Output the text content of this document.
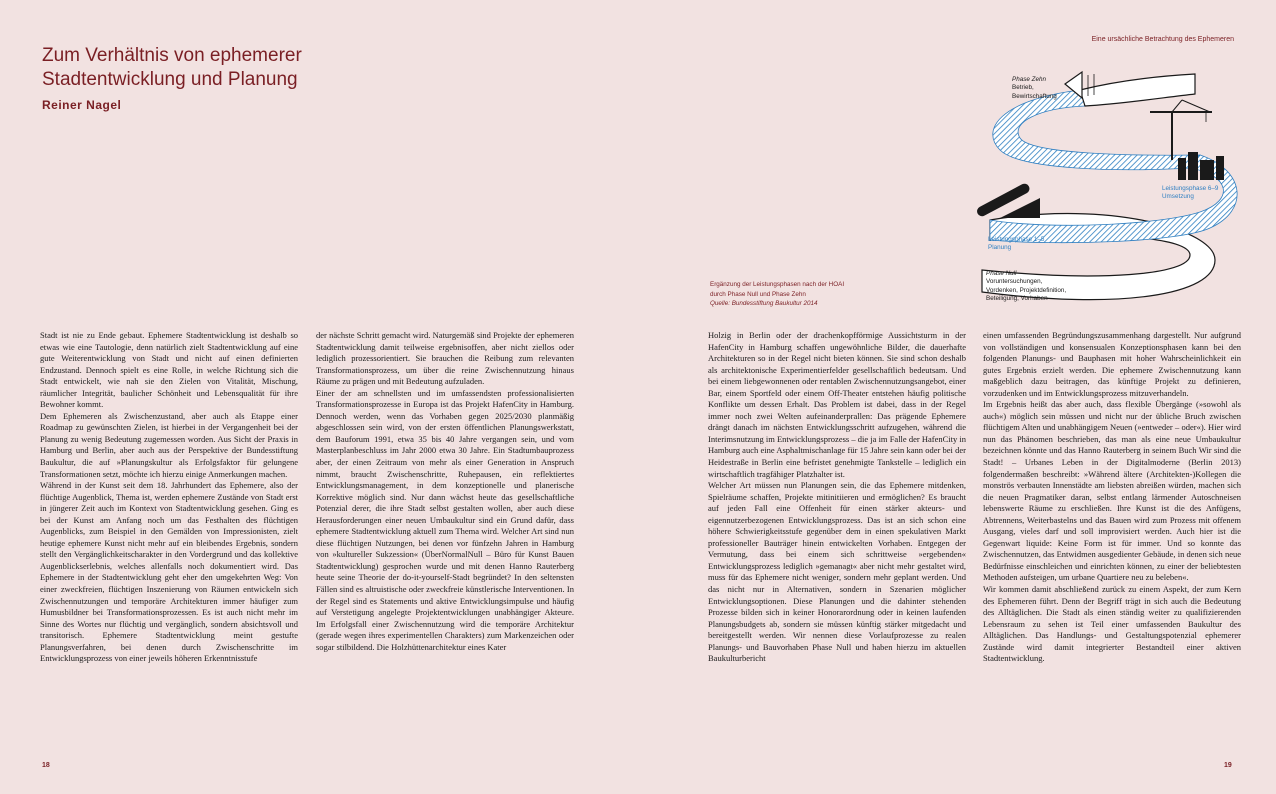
Zum Verhältnis von ephemerer
Stadtentwicklung und Planung
Reiner Nagel
Eine ursächliche Betrachtung des Ephemeren
Phase Zehn
Betrieb,
Bewirtschaftung
Leistungsphase 6–9
Umsetzung
Leistungsphase 1–5
Planung
Phase Null
Voruntersuchungen,
Vordenken, Projektdefinition,
Beteiligung, Vorhaben
Ergänzung der Leistungsphasen nach der HOAI
durch Phase Null und Phase Zehn
Quelle: Bundesstiftung Baukultur 2014

Stadt ist nie zu Ende gebaut. Ephemere Stadtentwicklung ist deshalb so etwas wie eine Tautologie, denn natürlich zielt Stadtentwicklung auf eine gute Weiterentwicklung von Stadt und nicht auf einen definierten Endzustand. Dennoch spielt es eine Rolle, in welche Richtung sich die Stadt entwickelt, wie nah sie den Zielen von Vitalität, Mischung, räumlicher Integrität, baulicher Schönheit und Lebensqualität für ihre Bewohner kommt.

Dem Ephemeren als Zwischenzustand, aber auch als Etappe einer Roadmap zu gewünschten Zielen, ist hierbei in der Vergangenheit bei der Planung zu wenig Bedeutung zugemessen worden. Aus Sicht der Praxis in Hamburg und Berlin, aber auch aus der Perspektive der Bundesstiftung Baukultur, die auf »Planungskultur als Erfolgsfaktor für gelungene Transformationen setzt, möchte ich hierzu einige Anmerkungen machen.

Während in der Kunst seit dem 18. Jahrhundert das Ephemere, also der flüchtige Augenblick, Thema ist, werden ephemere Zustände von Stadt erst in jüngerer Zeit auch im Kontext von Stadtentwicklung gesehen. Ging es bei der Kunst am Anfang noch um das Festhalten des flüchtigen Augenblicks, zum Beispiel in den Gemälden von Impressionisten, zielt heutige ephemere Kunst nicht mehr auf ein bleibendes Ergebnis, sondern stellt den Vergänglichkeitscharakter in den Vordergrund und das kollektive Augenblickserlebnis, welches allenfalls noch dokumentiert wird. Das Ephemere in der Stadtentwicklung geht eher den umgekehrten Weg: Von einer zweckfreien, flüchtigen Inszenierung von Räumen entwickeln sich Zwischennutzungen und temporäre Architekturen immer häufiger zum Humusbildner bei Transformationsprozessen. Es ist auch nicht mehr im Sinne des Wortes nur flüchtig und vergänglich, sondern absichtsvoll und transitorisch. Ephemere Stadtentwicklung meint gestufte Planungsverfahren, bei denen durch Zwischenschritte im Entwicklungsprozess von einer jeweils höheren Erkenntnisstufe

der nächste Schritt gemacht wird. Naturgemäß sind Projekte der ephemeren Stadtentwicklung damit teilweise ergebnisoffen, aber nicht ziellos oder lediglich prozessorientiert. Sie brauchen die Reibung zum relevanten Transformationsprozess, um über die reine Zwischennutzung hinaus Räume zu prägen und mit Bedeutung aufzuladen.

Einer der am schnellsten und im umfassendsten professionalisierten Transformationsprozesse in Europa ist das Projekt HafenCity in Hamburg. Dennoch werden, wenn das Vorhaben gegen 2025/2030 planmäßig abgeschlossen sein wird, von der ersten öffentlichen Planungswerkstatt, dem Bauforum 1991, etwa 35 bis 40 Jahre vergangen sein, und vom Masterplanbeschluss im Jahr 2000 etwa 30 Jahre. Ein Stadtumbauprozess aber, der einen Zeitraum von mehr als einer Generation in Anspruch nimmt, braucht Zwischenschritte, Ruhepausen, ein reflektiertes Entwicklungsmanagement, in dem konzeptionelle und planerische Korrektive möglich sind. Nur dann wächst heute das gesellschaftliche Potenzial derer, die ihre Stadt selbst gestalten wollen, aber auch diese Herausforderungen einer neuen Umbaukultur sind ein Grund dafür, dass ephemere Stadtentwicklung aktuell zum Thema wird. Welcher Art sind nun diese flüchtigen Nutzungen, bei denen vor fünfzehn Jahren in Hamburg von »kultureller Sukzession« (ÜberNormalNull – Büro für Kunst Bauen Stadtentwicklung) gesprochen wurde und mit denen Hanno Rauterberg heute seine Theorie der do-it-yourself-Stadt begründet? In den seltensten Fällen sind es altruistische oder zweckfreie künstlerische Interventionen. In der Regel sind es Statements und aktive Entwicklungsimpulse und häufig auf Verstetigung angelegte Projektentwicklungen unabhängiger Akteure. Im Erfolgsfall einer Zwischennutzung wird die temporäre Architektur (gerade wegen ihres experimentellen Charakters) zum Markenzeichen oder sogar stilbildend. Die Holzhüttenarchitektur eines Kater

Holzig in Berlin oder der drachenkopfförmige Aussichtsturm in der HafenCity in Hamburg schaffen ungewöhnliche Bilder, die dauerhafte Architekturen so in der Regel nicht bieten können. Sie sind schon deshalb als architektonische Experimentierfelder gesellschaftlich bedeutsam. Und bei einem liebgewonnenen oder rentablen Zwischennutzungsangebot, einer Bar, einem Sportfeld oder einem Off-Theater entstehen häufig politische Konflikte um dessen Erhalt. Das Problem ist dabei, dass in der Regel immer noch zwei Welten aufeinanderprallen: Das prägende Ephemere drängt danach im nächsten Entwicklungsschritt aufzugehen, während die Interimsnutzung im Entwicklungsprozess – die ja im Falle der HafenCity in Hamburg auch eine Asphaltmischanlage für 15 Jahre sein kann oder bei der Heidestraße in Berlin eine befristet genehmigte Tankstelle – lediglich ein wirtschaftlich tragfähiger Platzhalter ist.

Welcher Art müssen nun Planungen sein, die das Ephemere mitdenken, Spielräume schaffen, Projekte mitinitiieren und ermöglichen? Es braucht auf jeden Fall eine Offenheit für einen stärker akteurs- und eigennutzerbezogenen Entwicklungsprozess. Das ist an sich schon eine höhere Schwierigkeitsstufe gegenüber dem in einen spekulativen Markt professioneller Bauträger hinein entwickelten Vorhaben. Entgegen der Vermutung, dass bei einem sich schrittweise »ergebenden« Entwicklungsprozess lediglich »gemanagt« aber nicht mehr gestaltet wird, muss für das Ephemere nicht weniger, sondern mehr geplant werden. Und das nicht nur in Alternativen, sondern in Szenarien möglicher Entwicklungsoptionen. Diese Planungen und die dahinter stehenden Prozesse bilden sich in keiner Honorarordnung oder in keinen laufenden Planungsbudgets ab, sondern sie müssen künftig stärker mitgedacht und bereitgestellt werden. Wir nennen diese Vorlaufprozesse zu realen Planungs- und Bauvorhaben Phase Null und haben hierzu im aktuellen Baukulturbericht

einen umfassenden Begründungszusammenhang dargestellt. Nur aufgrund von vollständigen und konsensualen Konzeptionsphasen kann bei den folgenden Planungs- und Bauphasen mit hoher Wahrscheinlichkeit ein gutes Ergebnis erzielt werden. Die ephemere Zwischennutzung kann maßgeblich dazu beitragen, das künftige Projekt zu definieren, vorzudenken und im Entwicklungsprozess mitzuverhandeln.

Im Ergebnis heißt das aber auch, dass flexible Übergänge (»sowohl als auch«) möglich sein müssen und nicht nur der übliche Bruch zwischen flüchtigem Alten und unabhängigem Neuen (»entweder – oder«). Hier wird nun das Phänomen beschrieben, das man als eine neue Umbaukultur bezeichnen könnte und das Hanno Rauterberg in seinem Buch Wir sind die Stadt! – Urbanes Leben in der Digitalmoderne (Berlin 2013) folgendermaßen beschreibt: »Während ältere (Architekten-)Kollegen die monströs verbauten Innenstädte am liebsten abreißen würden, machen sich die neuen Pragmatiker daran, selbst entlang lärmender Autoschneisen lebenswerte Räume zu erschließen. Ihre Kunst ist die des Anfügens, Abtrennens, Weiterbastelns und das Bauen wird zum Prozess mit offenem Ausgang, vieles darf und soll improvisiert werden. Auch hier ist die Gegenwart liquide: Keine Form ist für immer. Und so konnte das Zwischennutzen, das Entwidmen ausgedienter Gebäude, in denen sich neue Bedürfnisse einschleichen und einrichten können, zu einer der beliebtesten Methoden aufsteigen, um urbane Quartiere neu zu beleben«.

Wir kommen damit abschließend zurück zu einem Aspekt, der zum Kern des Ephemeren führt. Denn der Begriff trägt in sich auch die Bedeutung des Alltäglichen. Die Stadt als einen ständig weiter zu qualifizierenden Lebensraum zu sehen ist Teil einer umfassenden Baukultur des Alltäglichen. Das Handlungs- und Gestaltungspotenzial ephemerer Zustände wird damit integrierter Bestandteil einer aktiven Stadtentwicklung.

18	19
